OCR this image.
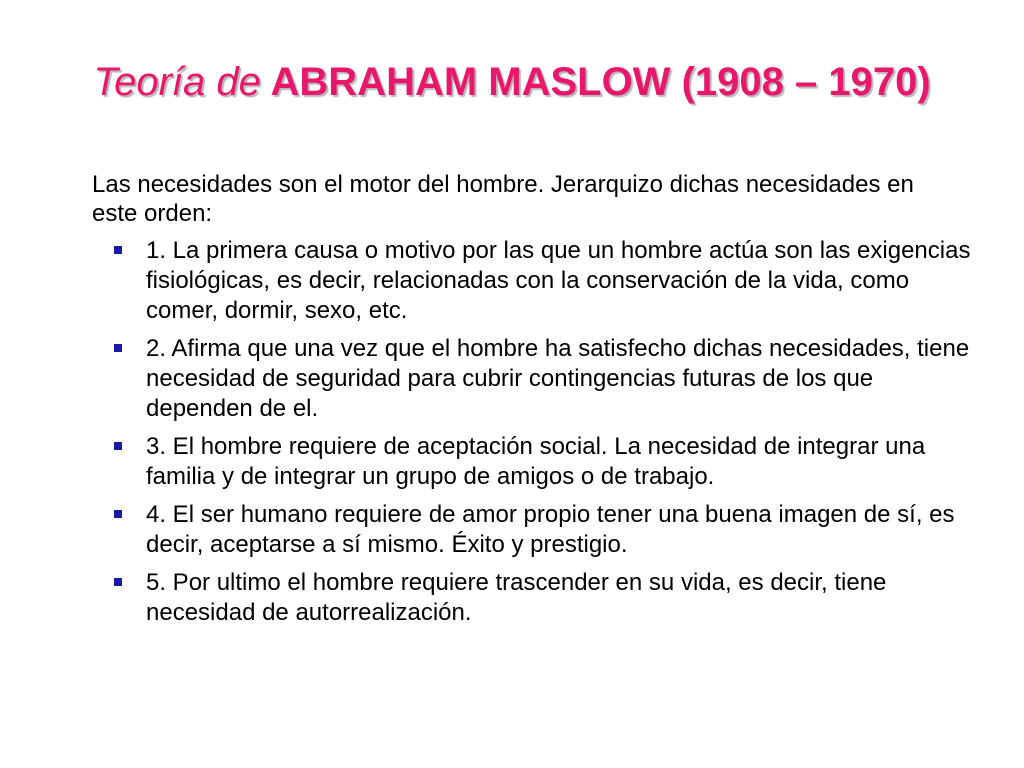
Teoría de ABRAHAM MASLOW (1908 – 1970)
Las necesidades son el motor del hombre. Jerarquizo dichas necesidades en este orden:
1. La primera causa o motivo por las que un hombre actúa son las exigencias fisiológicas, es decir, relacionadas con la conservación de la vida, como comer, dormir, sexo, etc.
2. Afirma que una vez que el hombre ha satisfecho dichas necesidades, tiene necesidad de seguridad para cubrir contingencias futuras de los que dependen de el.
3. El hombre requiere de aceptación social. La necesidad de integrar una familia y de integrar un grupo de amigos o de trabajo.
4. El ser humano requiere de amor propio tener una buena imagen de sí, es decir, aceptarse a sí mismo. Éxito y prestigio.
5. Por ultimo el hombre requiere trascender en su vida, es decir, tiene necesidad de autorrealización.
